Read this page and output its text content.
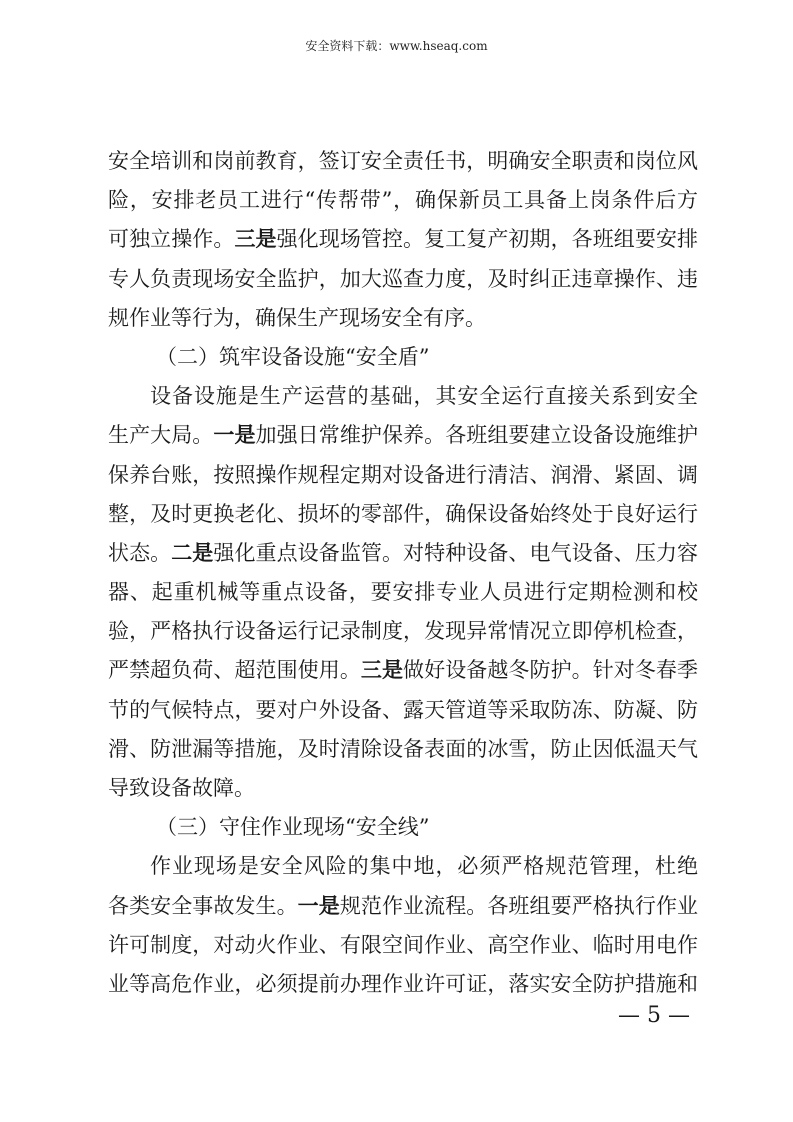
安全资料下载：www.hseaq.com
安全培训和岗前教育，签订安全责任书，明确安全职责和岗位风
险，安排老员工进行“传帮带”，确保新员工具备上岗条件后方
可独立操作。三是强化现场管控。复工复产初期，各班组要安排
专人负责现场安全监护，加大巡查力度，及时纠正违章操作、违
规作业等行为，确保生产现场安全有序。
（二）筑牢设备设施“安全盾”
设备设施是生产运营的基础，其安全运行直接关系到安全
生产大局。一是加强日常维护保养。各班组要建立设备设施维护
保养台账，按照操作规程定期对设备进行清洁、润滑、紧固、调
整，及时更换老化、损坏的零部件，确保设备始终处于良好运行
状态。二是强化重点设备监管。对特种设备、电气设备、压力容
器、起重机械等重点设备，要安排专业人员进行定期检测和校
验，严格执行设备运行记录制度，发现异常情况立即停机检查，
严禁超负荷、超范围使用。三是做好设备越冬防护。针对冬春季
节的气候特点，要对户外设备、露天管道等采取防冻、防凝、防
滑、防泄漏等措施，及时清除设备表面的冰雪，防止因低温天气
导致设备故障。
（三）守住作业现场“安全线”
作业现场是安全风险的集中地，必须严格规范管理，杜绝
各类安全事故发生。一是规范作业流程。各班组要严格执行作业
许可制度，对动火作业、有限空间作业、高空作业、临时用电作
业等高危作业，必须提前办理作业许可证，落实安全防护措施和
— 5 —
